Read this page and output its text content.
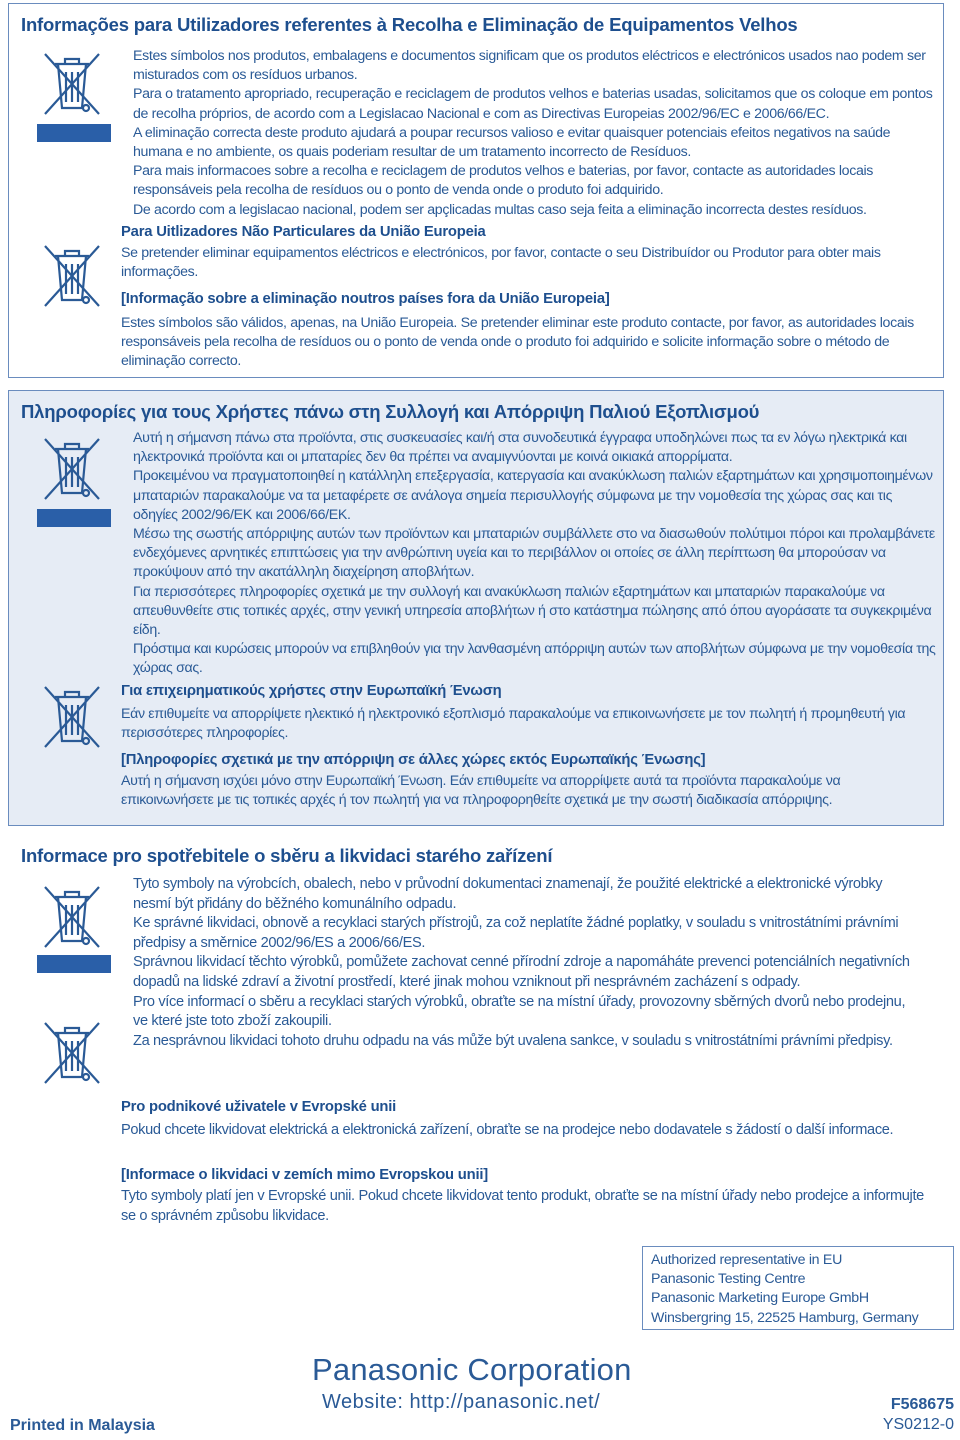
Informações para Utilizadores referentes à Recolha e Eliminação de Equipamentos Velhos

Estes símbolos nos produtos, embalagens e documentos significam que os produtos eléctricos e electrónicos usados nao podem ser misturados com os resíduos urbanos.

Para o tratamento apropriado, recuperação e reciclagem de produtos velhos e baterias usadas, solicitamos que os coloque em pontos de recolha próprios, de acordo com a Legislacao Nacional e com as Directivas Europeias 2002/96/EC e 2006/66/EC.

A eliminação correcta deste produto ajudará a poupar recursos valioso e evitar quaisquer potenciais efeitos negativos na saúde humana e no ambiente, os quais poderiam resultar de um tratamento incorrecto de Resíduos.

Para mais informacoes sobre a recolha e reciclagem de produtos velhos e baterias, por favor, contacte as autoridades locais responsáveis pela recolha de resíduos ou o ponto de venda onde o produto foi adquirido.

De acordo com a legislacao nacional, podem ser apçlicadas multas caso seja feita a eliminação incorrecta destes resíduos.

Para Uitlizadores Não Particulares da União Europeia
Se pretender eliminar equipamentos eléctricos e electrónicos, por favor, contacte o seu Distribuídor ou Produtor para obter mais informações.
[Informação sobre a eliminação noutros países fora da União Europeia]
Estes símbolos são válidos, apenas, na União Europeia. Se pretender eliminar este produto contacte, por favor, as autoridades locais responsáveis pela recolha de resíduos ou o ponto de venda onde o produto foi adquirido e solicite informação sobre o método de eliminação correcto.
Πληροφορίες για τους Χρήστες πάνω στη Συλλογή και Απόρριψη Παλιού Εξοπλισμού

Αυτή η σήμανση πάνω στα προϊόντα, στις συσκευασίες και/ή στα συνοδευτικά έγγραφα υποδηλώνει πως τα εν λόγω ηλεκτρικά και ηλεκτρονικά προϊόντα και οι μπαταρίες δεν θα πρέπει να αναμιγνύονται με κοινά οικιακά απορρίματα.

Προκειμένου να πραγματοποιηθεί η κατάλληλη επεξεργασία, κατεργασία και ανακύκλωση παλιών εξαρτημάτων και χρησιμοποιημένων μπαταριών παρακαλούμε να τα μεταφέρετε σε ανάλογα σημεία περισυλλογής σύμφωνα με την νομοθεσία της χώρας σας και τις οδηγίες 2002/96/ΕΚ και 2006/66/ΕΚ.

Μέσω της σωστής απόρριψης αυτών των προϊόντων και μπαταριών συμβάλλετε στο να διασωθούν πολύτιμοι πόροι και προλαμβάνετε ενδεχόμενες αρνητικές επιπτώσεις για την ανθρώπινη υγεία και το περιβάλλον οι οποίες σε άλλη περίπτωση θα μπορούσαν να προκύψουν από την ακατάλληλη διαχείρηση αποβλήτων.

Για περισσότερες πληροφορίες σχετικά με την συλλογή και ανακύκλωση παλιών εξαρτημάτων και μπαταριών παρακαλούμε να απευθυνθείτε στις τοπικές αρχές, στην γενική υπηρεσία αποβλήτων ή στο κατάστημα πώλησης από όπου αγοράσατε τα συγκεκριμένα είδη.

Πρόστιμα και κυρώσεις μπορούν να επιβληθούν για την λανθασμένη απόρριψη αυτών των αποβλήτων σύμφωνα με την νομοθεσία της χώρας σας.

Για επιχειρηματικούς χρήστες στην Ευρωπαϊκή Ένωση
Εάν επιθυμείτε να απορρίψετε ηλεκτικό ή ηλεκτρονικό εξοπλισμό παρακαλούμε να επικοινωνήσετε με τον πωλητή ή προμηθευτή για περισσότερες πληροφορίες.
[Πληροφορίες σχετικά με την απόρριψη σε άλλες χώρες εκτός Ευρωπαϊκής Ένωσης]
Αυτή η σήμανση ισχύει μόνο στην Ευρωπαϊκή Ένωση. Εάν επιθυμείτε να απορρίψετε αυτά τα προϊόντα παρακαλούμε να επικοινωνήσετε με τις τοπικές αρχές ή τον πωλητή για να πληροφορηθείτε σχετικά με την σωστή διαδικασία απόρριψης.
Informace pro spotřebitele o sběru a likvidaci starého zařízení

Tyto symboly na výrobcích, obalech, nebo v průvodní dokumentaci znamenají, že použité elektrické a elektronické výrobky nesmí být přidány do běžného komunálního odpadu.

Ke správné likvidaci, obnově a recyklaci starých přístrojů, za což neplatíte žádné poplatky, v souladu s vnitrostátními právními předpisy a směrnice 2002/96/ES a 2006/66/ES.

Správnou likvidací těchto výrobků, pomůžete zachovat cenné přírodní zdroje a napomáháte prevenci potenciálních negativních dopadů na lidské zdraví a životní prostředí, které jinak mohou vzniknout při nesprávném zacházení s odpady.

Pro více informací o sběru a recyklaci starých výrobků, obraťte se na místní úřady, provozovny sběrných dvorů nebo prodejnu, ve které jste toto zboží zakoupili.

Za nesprávnou likvidaci tohoto druhu odpadu na vás může být uvalena sankce, v souladu s vnitrostátními právními předpisy.

Pro podnikové uživatele v Evropské unii
Pokud chcete likvidovat elektrická a elektronická zařízení, obraťte se na prodejce nebo dodavatele s žádostí o další informace.
[Informace o likvidaci v zemích mimo Evropskou unii]
Tyto symboly platí jen v Evropské unii. Pokud chcete likvidovat tento produkt, obraťte se na místní úřady nebo prodejce a informujte se o správném způsobu likvidace.
Authorized representative in EU
Panasonic Testing Centre
Panasonic Marketing Europe GmbH
Winsbergring 15, 22525 Hamburg, Germany
Panasonic Corporation
Website: http://panasonic.net/
Printed in Malaysia
F568675
YS0212-0
